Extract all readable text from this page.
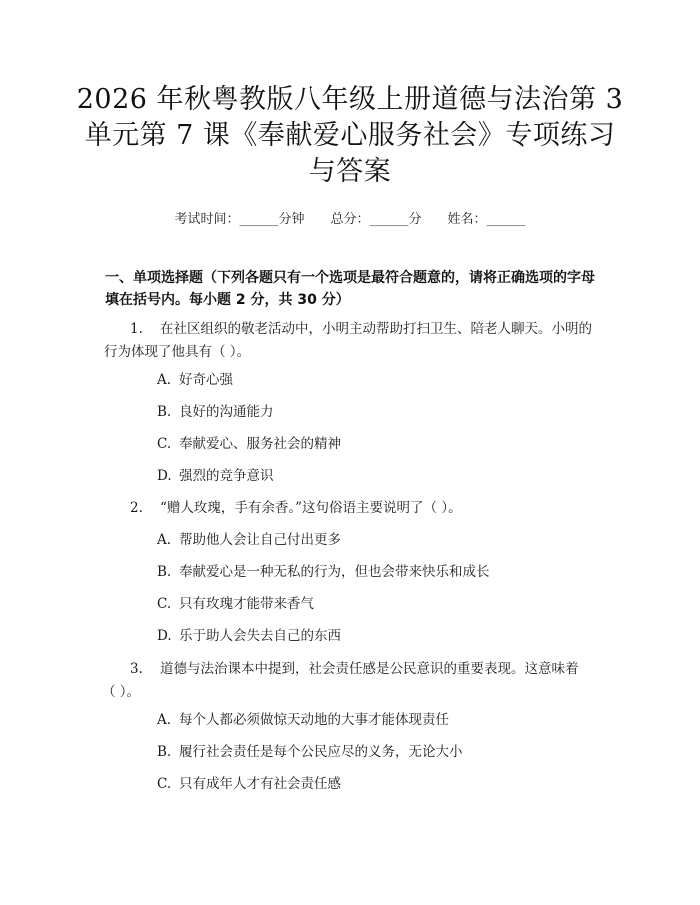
2026 年秋粤教版八年级上册道德与法治第 3
单元第 7 课《奉献爱心服务社会》专项练习
与答案
考试时间：______分钟 总分：______分 姓名：______
一、单项选择题（下列各题只有一个选项是最符合题意的，请将正确选项的字母
填在括号内。每小题 2 分，共 30 分）
1. 在社区组织的敬老活动中，小明主动帮助打扫卫生、陪老人聊天。小明的
行为体现了他具有（ ）。
A. 好奇心强
B. 良好的沟通能力
C. 奉献爱心、服务社会的精神
D. 强烈的竞争意识
2. “赠人玫瑰，手有余香。”这句俗语主要说明了（ ）。
A. 帮助他人会让自己付出更多
B. 奉献爱心是一种无私的行为，但也会带来快乐和成长
C. 只有玫瑰才能带来香气
D. 乐于助人会失去自己的东西
3. 道德与法治课本中提到，社会责任感是公民意识的重要表现。这意味着
（ ）。
A. 每个人都必须做惊天动地的大事才能体现责任
B. 履行社会责任是每个公民应尽的义务，无论大小
C. 只有成年人才有社会责任感
